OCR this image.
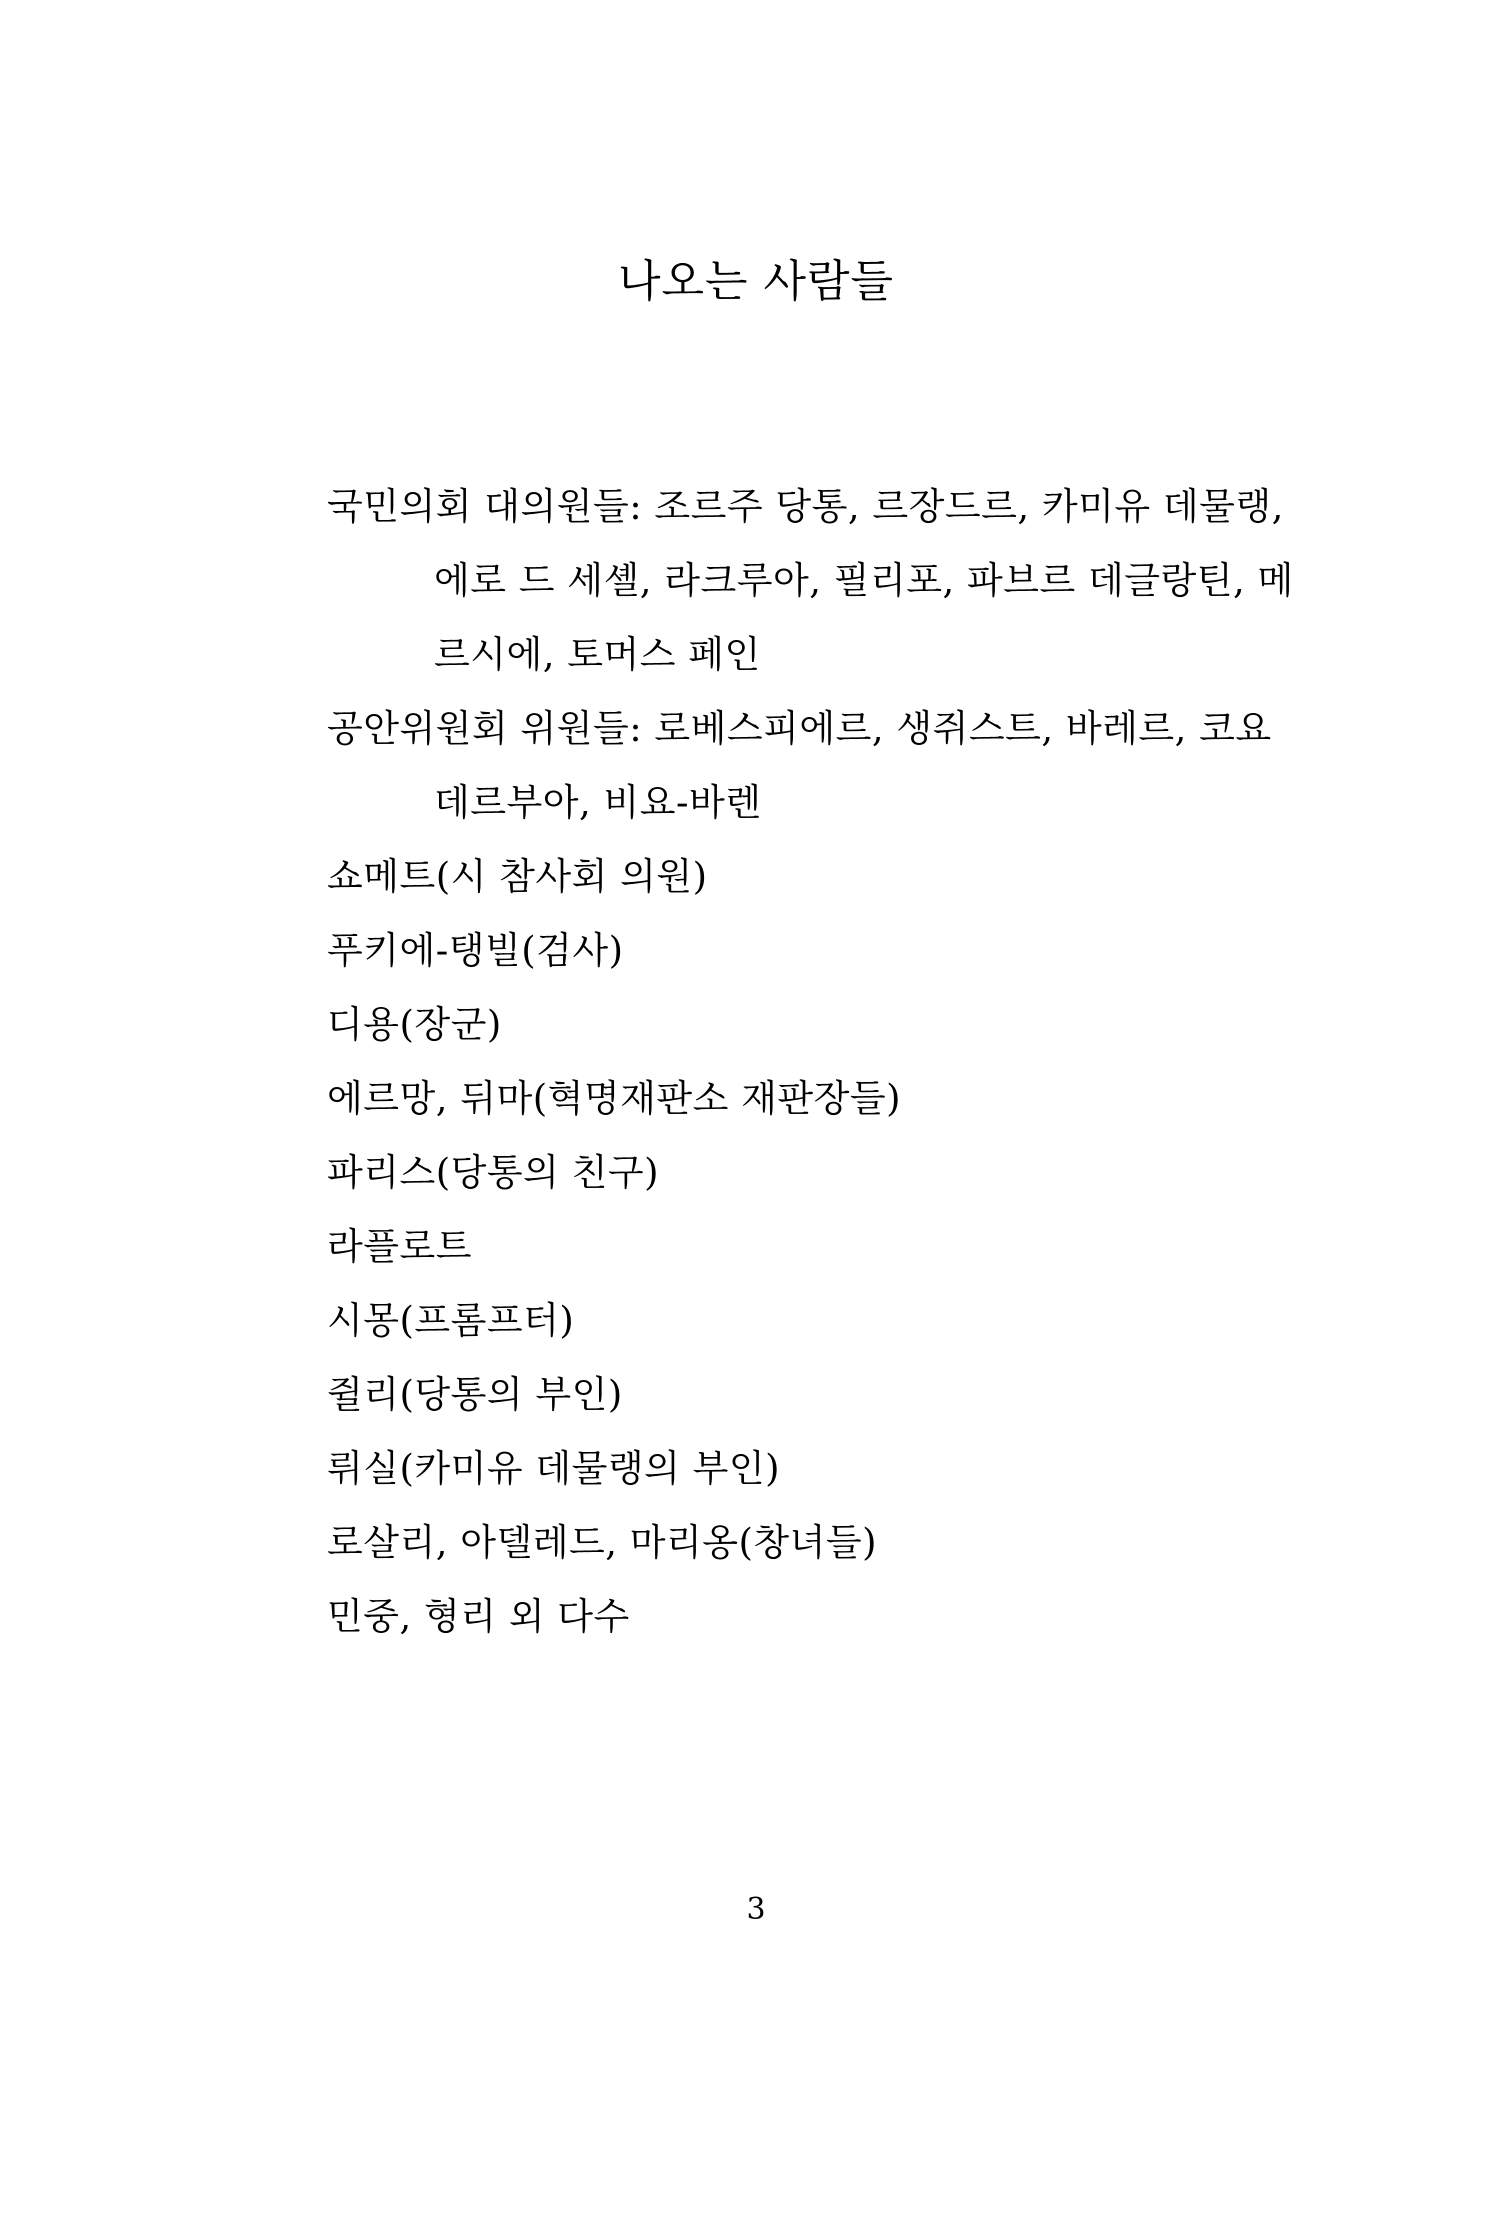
나오는 사람들
국민의회 대의원들: 조르주 당통, 르장드르, 카미유 데물랭,
에로 드 세셸, 라크루아, 필리포, 파브르 데글랑틴, 메
르시에, 토머스 페인
공안위원회 위원들: 로베스피에르, 생쥐스트, 바레르, 코요
데르부아, 비요-바렌
쇼메트(시 참사회 의원)
푸키에-탱빌(검사)
디용(장군)
에르망, 뒤마(혁명재판소 재판장들)
파리스(당통의 친구)
라플로트
시몽(프롬프터)
쥘리(당통의 부인)
뤼실(카미유 데물랭의 부인)
로살리, 아델레드, 마리옹(창녀들)
민중, 형리 외 다수
3
